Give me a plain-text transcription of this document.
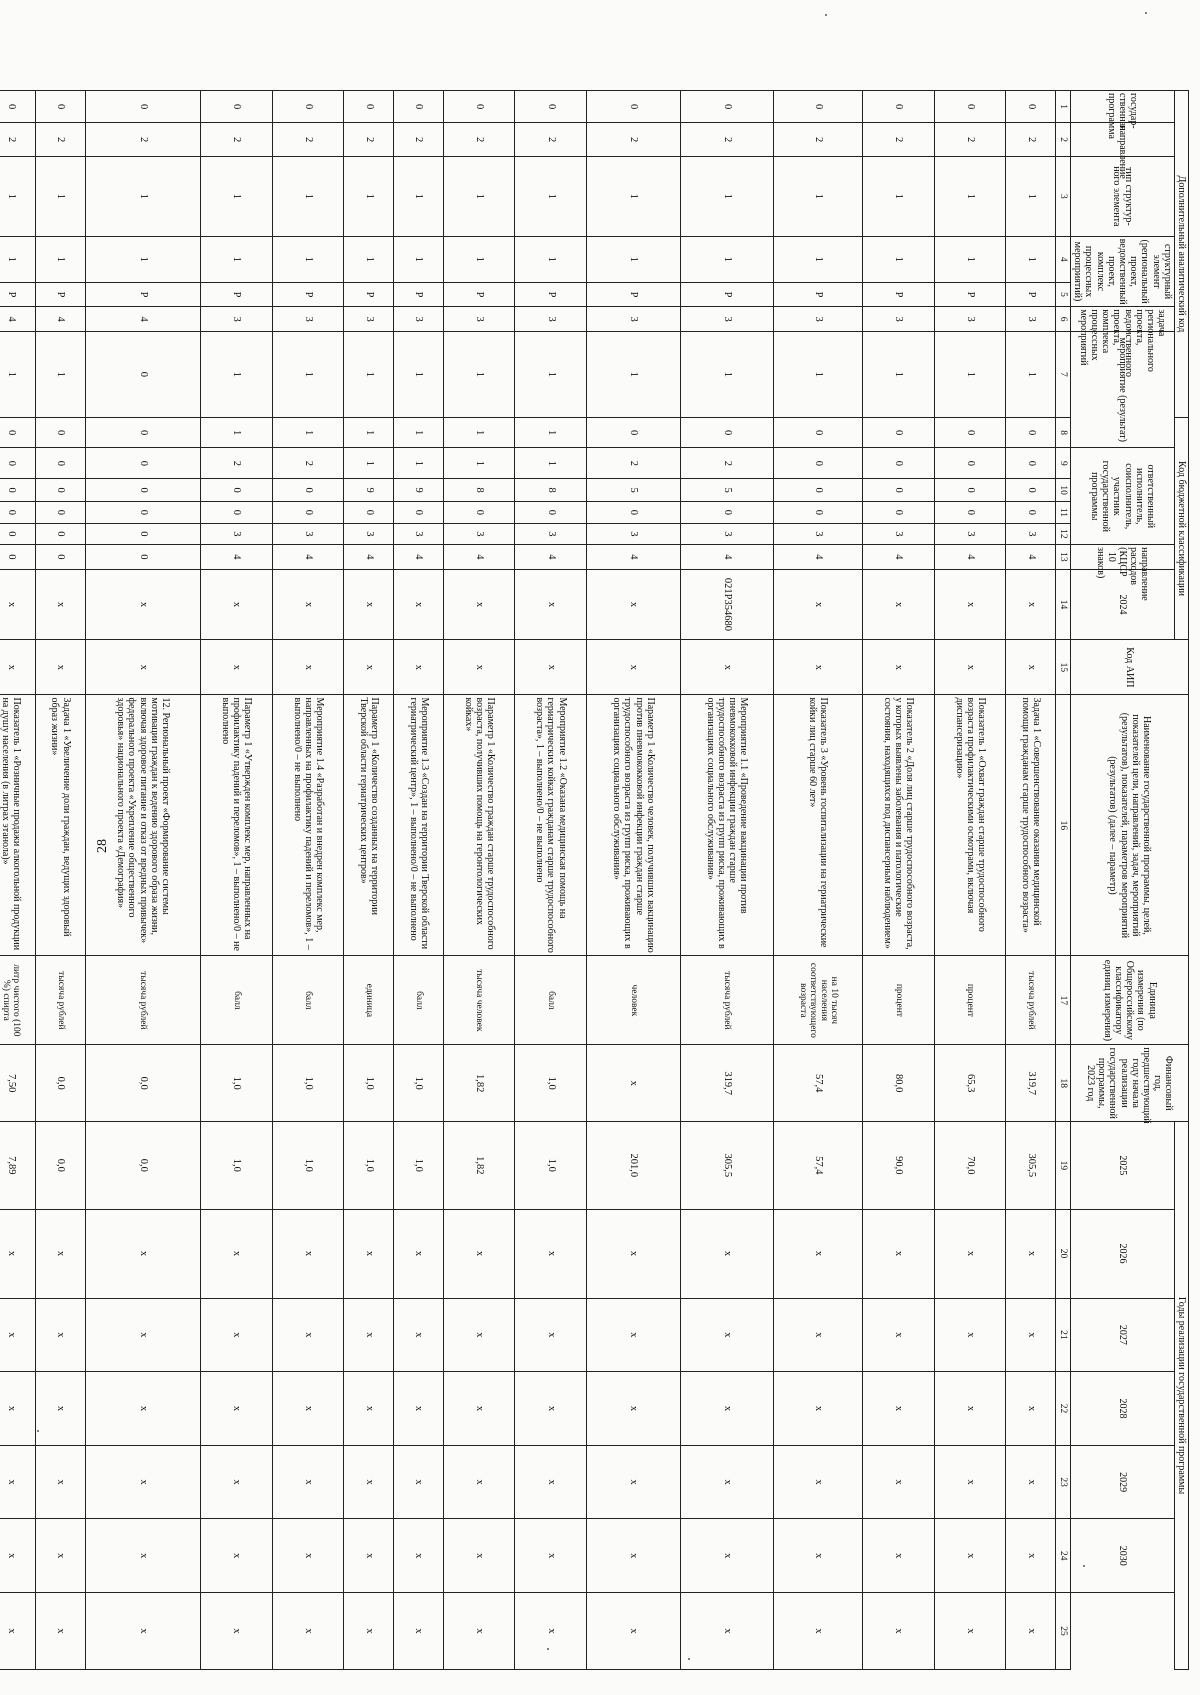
28
Дополнительный аналитический код							Код бюджетной классификации							Код АИП	Наименование государственной программы, целей, показателей цели, направлений, задач, мероприятий (результатов), показателей, параметров мероприятий (результатов) (далее – параметр)	Единица измерения (по Общероссийскому классификатору единиц измерения)	Финансовый год, предшествующий году начала реализации государственной программы, 2023 год	Годы реализации государственной программы						
государ-ственная программа	направление	тип структур-ного элемента	структурный элемент (региональный проект, ведомственный проект, комплекс процессных мероприятий)		задача регионального проекта, ведомственного проекта, комплекса процессных мероприятий	мероприятие (результат)		ответственный исполнитель, соисполнитель, участник государственной программы				направление расходов (КЦСР 10 знаков)	2024					2025	2026	2027	2028	2029	2030	

1	2	3	4	5	6	7	8	9	10	11	12	13	14	15	16	17	18	19	20	21	22	23	24	25
0	2	1	1	Р	3	1	0	0	0	0	3	4	х	х	Задача 1 «Совершенствование оказания медицинской помощи гражданам старше трудоспособного возраста»	тысяча рублей	319,7	305,5	х	х	х	х	х	х
0	2	1	1	Р	3	1	0	0	0	0	3	4	х	х	Показатель 1 «Охват граждан старше трудоспособного возраста профилактическими осмотрами, включая диспансеризацию»	процент	65,3	70,0	х	х	х	х	х	х
0	2	1	1	Р	3	1	0	0	0	0	3	4	х	х	Показатель 2 «Доля лиц старше трудоспособного возраста, у которых выявлены заболевания и патологические состояния, находящихся под диспансерным наблюдением»	процент	80,0	90,0	х	х	х	х	х	х
0	2	1	1	Р	3	1	0	0	0	0	3	4	х	х	Показатель 3 «Уровень госпитализации на гериатрические койки лиц старше 60 лет»	на 10 тысяч населения соответствующего возраста	57,4	57,4	х	х	х	х	х	х
0	2	1	1	Р	3	1	0	2	5	0	3	4	021Р354680	х	Мероприятие 1.1 «Проведение вакцинации против пневмококковой инфекции граждан старше трудоспособного возраста из групп риска, проживающих в организациях социального обслуживания»	тысяча рублей	319,7	305,5	х	х	х	х	х	х
0	2	1	1	Р	3	1	0	2	5	0	3	4	х	х	Параметр 1 «Количество человек, получивших вакцинацию против пневмококковой инфекции граждан старше трудоспособного возраста из групп риска, проживающих в организациях социального обслуживания»	человек	х	201,0	х	х	х	х	х	х
0	2	1	1	Р	3	1	1	1	8	0	3	4	х	х	Мероприятие 1.2 «Оказана медицинская помощь на гериатрических койках гражданам старше трудоспособного возраста», 1 – выполнено/0 – не выполнено	балл	1,0	1,0	х	х	х	х	х	х
0	2	1	1	Р	3	1	1	1	8	0	3	4	х	х	Параметр 1 «Количество граждан старше трудоспособного возраста, получивших помощь на геронтологических койках»	тысяча человек	1,82	1,82	х	х	х	х	х	х
0	2	1	1	Р	3	1	1	1	9	0	3	4	х	х	Мероприятие 1.3 «Создан на территории Тверской области гериатрический центр», 1 – выполнено/0 – не выполнено	балл	1,0	1,0	х	х	х	х	х	х
0	2	1	1	Р	3	1	1	1	9	0	3	4	х	х	Параметр 1 «Количество созданных на территории Тверской области гериатрических центров»	единица	1,0	1,0	х	х	х	х	х	х
0	2	1	1	Р	3	1	1	2	0	0	3	4	х	х	Мероприятие 1.4 «Разработан и внедрен комплекс мер, направленных на профилактику падений и переломов», 1 – выполнено/0 – не выполнено	балл	1,0	1,0	х	х	х	х	х	х
0	2	1	1	Р	3	1	1	2	0	0	3	4	х	х	Параметр 1 «Утвержден комплекс мер, направленных на профилактику падений и переломов», 1 – выполнено/0 – не выполнено	балл	1,0	1,0	х	х	х	х	х	х
0	2	1	1	Р	4	0	0	0	0	0	0	0	х	х	12. Региональный проект «Формирование системы мотивации граждан к ведению здорового образа жизни, включая здоровое питание и отказ от вредных привычек» федерального проекта «Укрепление общественного здоровья» национального проекта «Демография»	тысяча рублей	0,0	0,0	х	х	х	х	х	х
0	2	1	1	Р	4	1	0	0	0	0	0	0	х	х	Задача 1 «Увеличение доли граждан, ведущих здоровый образ жизни»	тысяча рублей	0,0	0,0	х	х	х	х	х	х
0	2	1	1	Р	4	1	0	0	0	0	0	0	х	х	Показатель 1 «Розничные продажи алкогольной продукции на душу населения (в литрах этанола)»	литр чистого (100 %) спирта	7,50	7,89	х	х	х	х	х	х
